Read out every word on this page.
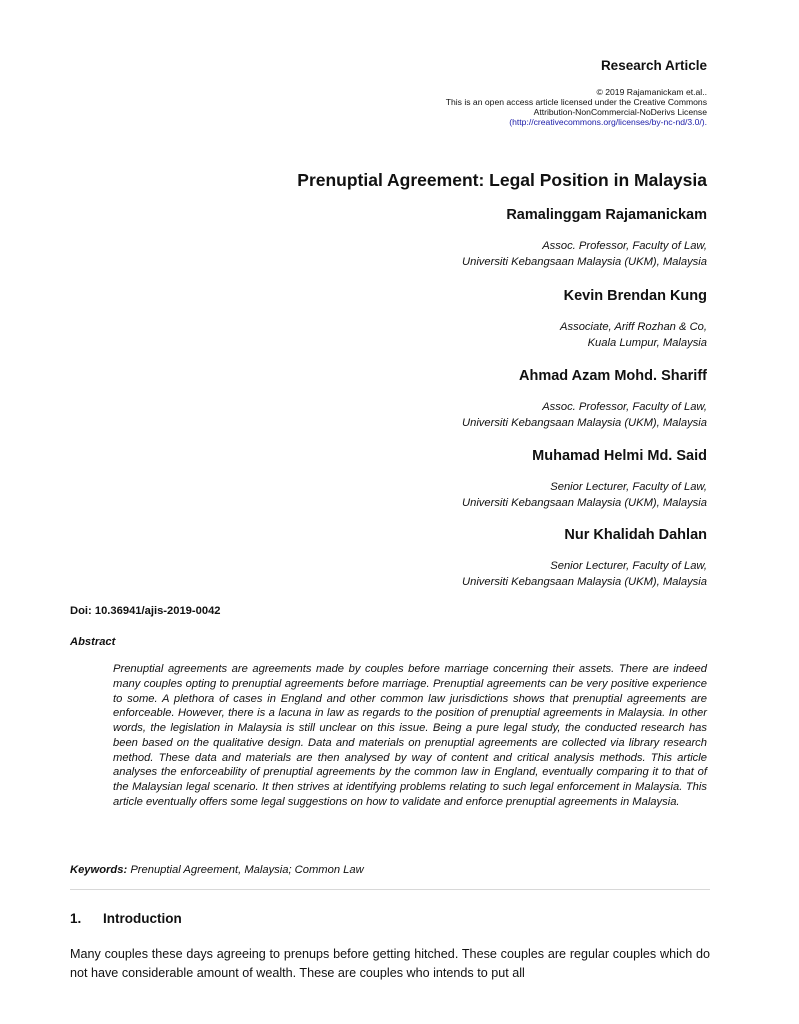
Research Article
© 2019 Rajamanickam et.al..
This is an open access article licensed under the Creative Commons
Attribution-NonCommercial-NoDerivs License
(http://creativecommons.org/licenses/by-nc-nd/3.0/).
Prenuptial Agreement: Legal Position in Malaysia
Ramalinggam Rajamanickam
Assoc. Professor, Faculty of Law,
Universiti Kebangsaan Malaysia (UKM), Malaysia
Kevin Brendan Kung
Associate, Ariff Rozhan & Co,
Kuala Lumpur, Malaysia
Ahmad Azam Mohd. Shariff
Assoc. Professor, Faculty of Law,
Universiti Kebangsaan Malaysia (UKM), Malaysia
Muhamad Helmi Md. Said
Senior Lecturer, Faculty of Law,
Universiti Kebangsaan Malaysia (UKM), Malaysia
Nur Khalidah Dahlan
Senior Lecturer, Faculty of Law,
Universiti Kebangsaan Malaysia (UKM), Malaysia
Doi: 10.36941/ajis-2019-0042
Abstract
Prenuptial agreements are agreements made by couples before marriage concerning their assets. There are indeed many couples opting to prenuptial agreements before marriage. Prenuptial agreements can be very positive experience to some. A plethora of cases in England and other common law jurisdictions shows that prenuptial agreements are enforceable. However, there is a lacuna in law as regards to the position of prenuptial agreements in Malaysia. In other words, the legislation in Malaysia is still unclear on this issue. Being a pure legal study, the conducted research has been based on the qualitative design. Data and materials on prenuptial agreements are collected via library research method. These data and materials are then analysed by way of content and critical analysis methods. This article analyses the enforceability of prenuptial agreements by the common law in England, eventually comparing it to that of the Malaysian legal scenario. It then strives at identifying problems relating to such legal enforcement in Malaysia. This article eventually offers some legal suggestions on how to validate and enforce prenuptial agreements in Malaysia.
Keywords: Prenuptial Agreement, Malaysia; Common Law
1. Introduction
Many couples these days agreeing to prenups before getting hitched. These couples are regular couples which do not have considerable amount of wealth. These are couples who intends to put all
